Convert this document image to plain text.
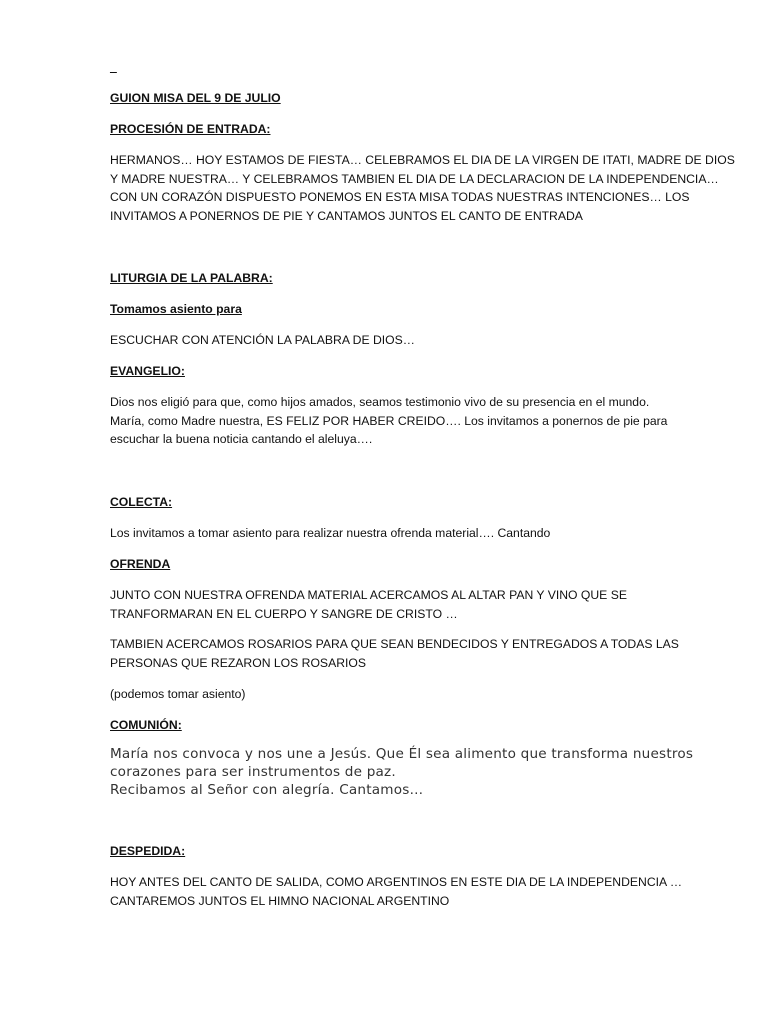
_

GUION MISA DEL 9 DE JULIO

PROCESIÓN DE ENTRADA:

HERMANOS… HOY ESTAMOS DE FIESTA… CELEBRAMOS EL DIA DE LA VIRGEN DE ITATI, MADRE DE DIOS
Y MADRE NUESTRA… Y CELEBRAMOS TAMBIEN EL DIA DE LA DECLARACION DE LA INDEPENDENCIA…
CON UN CORAZÓN DISPUESTO PONEMOS EN ESTA MISA TODAS NUESTRAS INTENCIONES… LOS
INVITAMOS A PONERNOS DE PIE Y CANTAMOS JUNTOS EL CANTO DE ENTRADA

LITURGIA DE LA PALABRA:

Tomamos asiento para

ESCUCHAR CON ATENCIÓN LA PALABRA DE DIOS…

EVANGELIO:

Dios nos eligió para que, como hijos amados, seamos testimonio vivo de su presencia en el mundo.
María, como Madre nuestra, ES FELIZ POR HABER CREIDO…. Los invitamos a ponernos de pie para
escuchar la buena noticia cantando el aleluya….

COLECTA:

Los invitamos a tomar asiento para realizar nuestra ofrenda material…. Cantando

OFRENDA

JUNTO CON NUESTRA OFRENDA MATERIAL ACERCAMOS AL ALTAR PAN Y VINO QUE SE
TRANFORMARAN EN EL CUERPO Y SANGRE DE CRISTO …
TAMBIEN ACERCAMOS ROSARIOS PARA QUE SEAN BENDECIDOS Y ENTREGADOS A TODAS LAS
PERSONAS QUE REZARON LOS ROSARIOS

(podemos tomar asiento)

COMUNIÓN:

María nos convoca y nos une a Jesús. Que Él sea alimento que transforma nuestros
corazones para ser instrumentos de paz.
Recibamos al Señor con alegría. Cantamos…

DESPEDIDA:

HOY ANTES DEL CANTO DE SALIDA, COMO ARGENTINOS EN ESTE DIA DE LA INDEPENDENCIA …
CANTAREMOS JUNTOS EL HIMNO NACIONAL ARGENTINO
